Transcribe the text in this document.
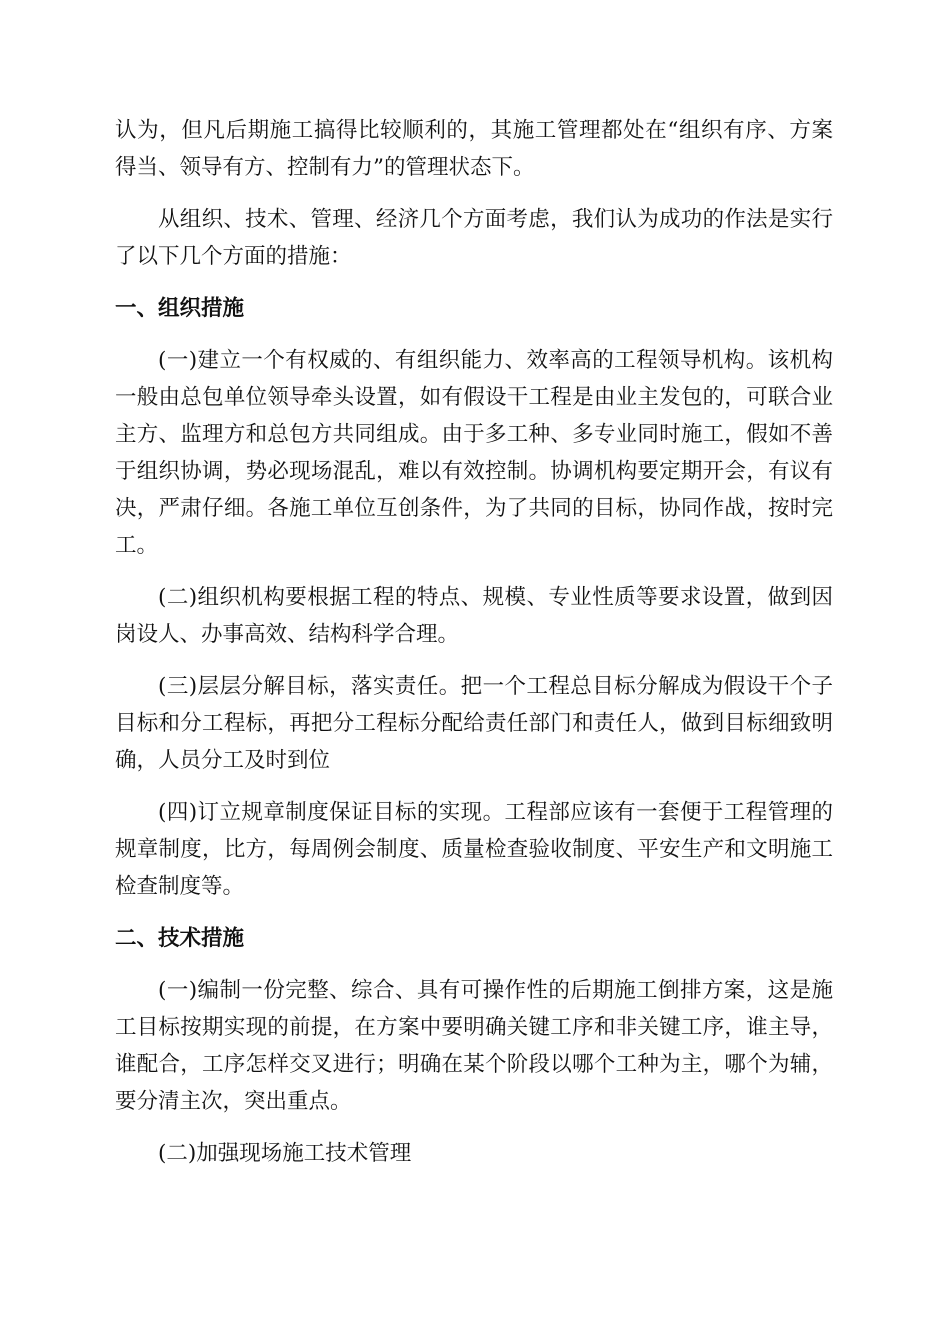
认为，但凡后期施工搞得比较顺利的，其施工管理都处在“组织有序、方案得当、领导有方、控制有力”的管理状态下。

从组织、技术、管理、经济几个方面考虑，我们认为成功的作法是实行了以下几个方面的措施：

一、组织措施

(一)建立一个有权威的、有组织能力、效率高的工程领导机构。该机构一般由总包单位领导牵头设置，如有假设干工程是由业主发包的，可联合业主方、监理方和总包方共同组成。由于多工种、多专业同时施工，假如不善于组织协调，势必现场混乱，难以有效控制。协调机构要定期开会，有议有决，严肃仔细。各施工单位互创条件，为了共同的目标，协同作战，按时完工。

(二)组织机构要根据工程的特点、规模、专业性质等要求设置，做到因岗设人、办事高效、结构科学合理。

(三)层层分解目标，落实责任。把一个工程总目标分解成为假设干个子目标和分工程标，再把分工程标分配给责任部门和责任人，做到目标细致明确，人员分工及时到位

(四)订立规章制度保证目标的实现。工程部应该有一套便于工程管理的规章制度，比方，每周例会制度、质量检查验收制度、平安生产和文明施工检查制度等。

二、技术措施

(一)编制一份完整、综合、具有可操作性的后期施工倒排方案，这是施工目标按期实现的前提，在方案中要明确关键工序和非关键工序，谁主导，谁配合，工序怎样交叉进行；明确在某个阶段以哪个工种为主，哪个为辅，要分清主次，突出重点。

(二)加强现场施工技术管理
